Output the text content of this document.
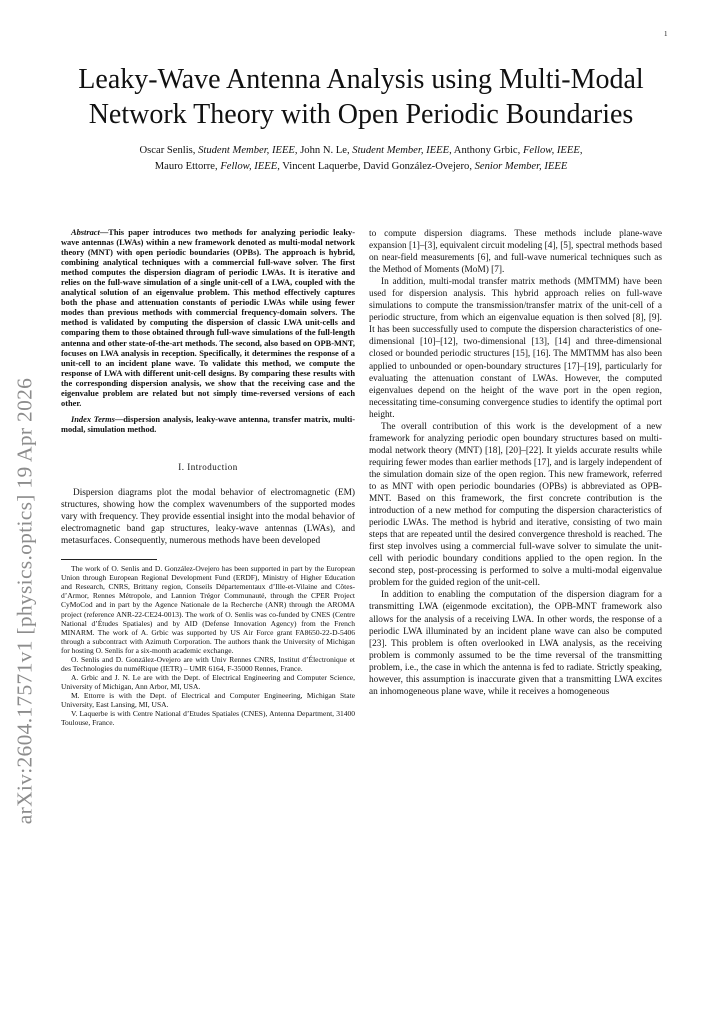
1
arXiv:2604.17571v1 [physics.optics] 19 Apr 2026
Leaky-Wave Antenna Analysis using Multi-Modal
Network Theory with Open Periodic Boundaries

Oscar Senlis, Student Member, IEEE, John N. Le, Student Member, IEEE, Anthony Grbic, Fellow, IEEE,
Mauro Ettorre, Fellow, IEEE, Vincent Laquerbe, David González-Ovejero, Senior Member, IEEE

Abstract—This paper introduces two methods for analyzing periodic leaky-wave antennas (LWAs) within a new framework denoted as multi-modal network theory (MNT) with open periodic boundaries (OPBs). The approach is hybrid, combining analytical techniques with a commercial full-wave solver. The first method computes the dispersion diagram of periodic LWAs. It is iterative and relies on the full-wave simulation of a single unit-cell of a LWA, coupled with the analytical solution of an eigenvalue problem. This method effectively captures both the phase and attenuation constants of periodic LWAs while using fewer modes than previous methods with commercial frequency-domain solvers. The method is validated by computing the dispersion of classic LWA unit-cells and comparing them to those obtained through full-wave simulations of the full-length antenna and other state-of-the-art methods. The second, also based on OPB-MNT, focuses on LWA analysis in reception. Specifically, it determines the response of a unit-cell to an incident plane wave. To validate this method, we compute the response of LWA with different unit-cell designs. By comparing these results with the corresponding dispersion analysis, we show that the receiving case and the eigenvalue problem are related but not simply time-reversed versions of each other.

Index Terms—dispersion analysis, leaky-wave antenna, transfer matrix, multi-modal, simulation method.

I. Introduction

Dispersion diagrams plot the modal behavior of electromagnetic (EM) structures, showing how the complex wavenumbers of the supported modes vary with frequency. They provide essential insight into the modal behavior of electromagnetic band gap structures, leaky-wave antennas (LWAs), and metasurfaces. Consequently, numerous methods have been developed

The work of O. Senlis and D. González-Ovejero has been supported in part by the European Union through European Regional Development Fund (ERDF), Ministry of Higher Education and Research, CNRS, Brittany region, Conseils Départementaux d’Ille-et-Vilaine and Côtes-d’Armor, Rennes Métropole, and Lannion Trégor Communauté, through the CPER Project CyMoCod and in part by the Agence Nationale de la Recherche (ANR) through the AROMA project (reference ANR-22-CE24-0013). The work of O. Senlis was co-funded by CNES (Centre National d’Études Spatiales) and by AID (Defense Innovation Agency) from the French MINARM. The work of A. Grbic was supported by US Air Force grant FA8650-22-D-5406 through a subcontract with Azimuth Corporation. The authors thank the University of Michigan for hosting O. Senlis for a six-month academic exchange.

O. Senlis and D. González-Ovejero are with Univ Rennes CNRS, Institut d’Électronique et des Technologies du numéRique (IETR) – UMR 6164, F-35000 Rennes, France.

A. Grbic and J. N. Le are with the Dept. of Electrical Engineering and Computer Science, University of Michigan, Ann Arbor, MI, USA.

M. Ettorre is with the Dept. of Electrical and Computer Engineering, Michigan State University, East Lansing, MI, USA.

V. Laquerbe is with Centre National d’Etudes Spatiales (CNES), Antenna Department, 31400 Toulouse, France.

to compute dispersion diagrams. These methods include plane-wave expansion [1]–[3], equivalent circuit modeling [4], [5], spectral methods based on near-field measurements [6], and full-wave numerical techniques such as the Method of Moments (MoM) [7].

In addition, multi-modal transfer matrix methods (MMTMM) have been used for dispersion analysis. This hybrid approach relies on full-wave simulations to compute the transmission/transfer matrix of the unit-cell of a periodic structure, from which an eigenvalue equation is then solved [8], [9]. It has been successfully used to compute the dispersion characteristics of one-dimensional [10]–[12], two-dimensional [13], [14] and three-dimensional closed or bounded periodic structures [15], [16]. The MMTMM has also been applied to unbounded or open-boundary structures [17]–[19], particularly for evaluating the attenuation constant of LWAs. However, the computed eigenvalues depend on the height of the wave port in the open region, necessitating time-consuming convergence studies to identify the optimal port height.

The overall contribution of this work is the development of a new framework for analyzing periodic open boundary structures based on multi-modal network theory (MNT) [18], [20]–[22]. It yields accurate results while requiring fewer modes than earlier methods [17], and is largely independent of the simulation domain size of the open region. This new framework, referred to as MNT with open periodic boundaries (OPBs) is abbreviated as OPB-MNT. Based on this framework, the first concrete contribution is the introduction of a new method for computing the dispersion characteristics of periodic LWAs. The method is hybrid and iterative, consisting of two main steps that are repeated until the desired convergence threshold is reached. The first step involves using a commercial full-wave solver to simulate the unit-cell with periodic boundary conditions applied to the open region. In the second step, post-processing is performed to solve a multi-modal eigenvalue problem for the guided region of the unit-cell.

In addition to enabling the computation of the dispersion diagram for a transmitting LWA (eigenmode excitation), the OPB-MNT framework also allows for the analysis of a receiving LWA. In other words, the response of a periodic LWA illuminated by an incident plane wave can also be computed [23]. This problem is often overlooked in LWA analysis, as the receiving problem is commonly assumed to be the time reversal of the transmitting problem, i.e., the case in which the antenna is fed to radiate. Strictly speaking, however, this assumption is inaccurate given that a transmitting LWA excites an inhomogeneous plane wave, while it receives a homogeneous
